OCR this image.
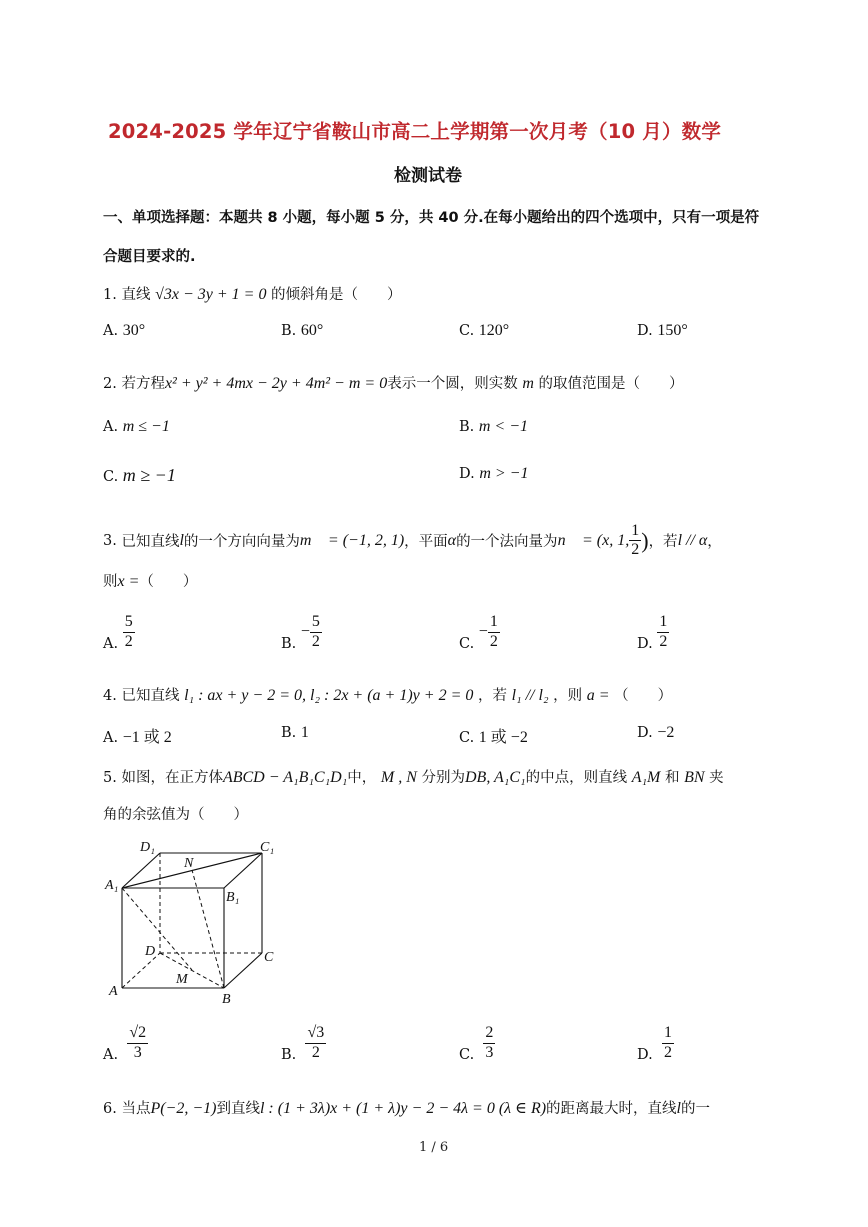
2024-2025 学年辽宁省鞍山市高二上学期第一次月考（10 月）数学
检测试卷
一、单项选择题：本题共 8 小题，每小题 5 分，共 40 分.在每小题给出的四个选项中，只有一项是符
合题目要求的.
1. 直线 √3x − 3y + 1 = 0 的倾斜角是（　　）
A. 30°	B. 60°	C. 120°	D. 150°
2. 若方程x² + y² + 4mx − 2y + 4m² − m = 0表示一个圆，则实数 m 的取值范围是（　　）
A. m ≤ −1	B. m < −1
C. m ≥ −1	D. m > −1
3.
已知直线 l 的一个方向向量为 m⃗ = (−1, 2, 1) ，平面 α 的一个法向量为 n⃗ = (x, 1, $\frac{1}{2}$ ) ，若 l // α ，
则x =（　　）
A.
$\frac{5}{2}$	B.

− $\frac{5}{2}$	C.

− $\frac{1}{2}$	D.
$\frac{1}{2}$
4. 已知直线 l₁ : ax + y − 2 = 0, l₂ : 2x + (a + 1)y + 2 = 0 ，若 l₁ // l₂ ，则 a = （　　）
A. −1 或 2	B. 1	C. 1 或 −2	D. −2
5. 如图，在正方体ABCD − A₁B₁C₁D₁中， M , N 分别为DB, A₁C₁的中点，则直线 A₁M 和 BN 夹
角的余弦值为（　　）
D₁	C₁
N
A₁
B₁
D	C
M
A
B
A.
$\frac{√2}{3}$	B.
$\frac{√3}{2}$	C.
$\frac{2}{3}$	D.
$\frac{1}{2}$
6. 当点P(−2, −1)到直线l : (1 + 3λ)x + (1 + λ)y − 2 − 4λ = 0 (λ ∈ R)的距离最大时，直线l的一
1 / 6
